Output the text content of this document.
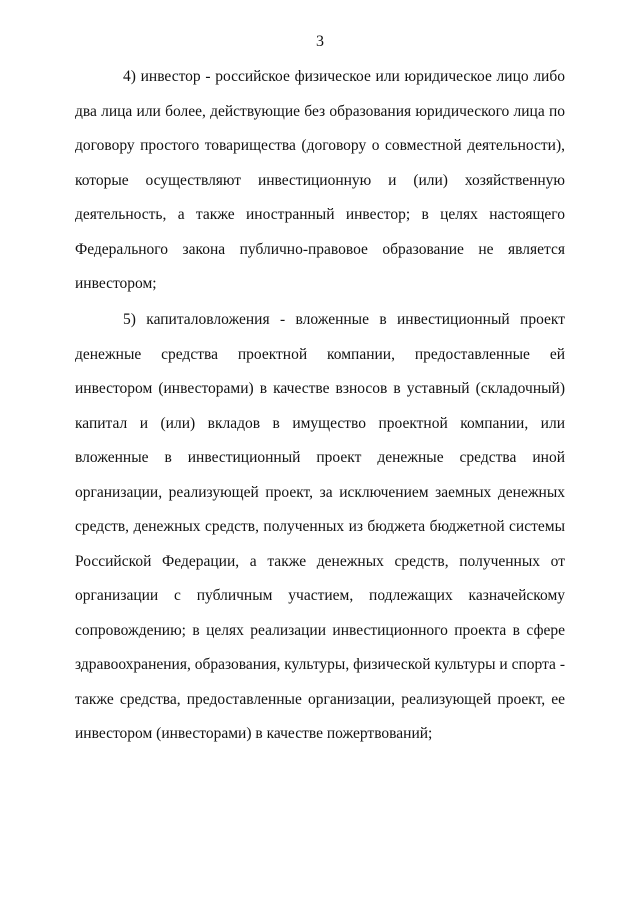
3

4) инвестор - российское физическое или юридическое лицо либо два лица или более, действующие без образования юридического лица по договору простого товарищества (договору о совместной деятельности), которые осуществляют инвестиционную и (или) хозяйственную деятельность, а также иностранный инвестор; в целях настоящего Федерального закона публично-правовое образование не является инвестором;

5) капиталовложения - вложенные в инвестиционный проект денежные средства проектной компании, предоставленные ей инвестором (инвесторами) в качестве взносов в уставный (складочный) капитал и (или) вкладов в имущество проектной компании, или вложенные в инвестиционный проект денежные средства иной организации, реализующей проект, за исключением заемных денежных средств, денежных средств, полученных из бюджета бюджетной системы Российской Федерации, а также денежных средств, полученных от организации с публичным участием, подлежащих казначейскому сопровождению; в целях реализации инвестиционного проекта в сфере здравоохранения, образования, культуры, физической культуры и спорта - также средства, предоставленные организации, реализующей проект, ее инвестором (инвесторами) в качестве пожертвований;
